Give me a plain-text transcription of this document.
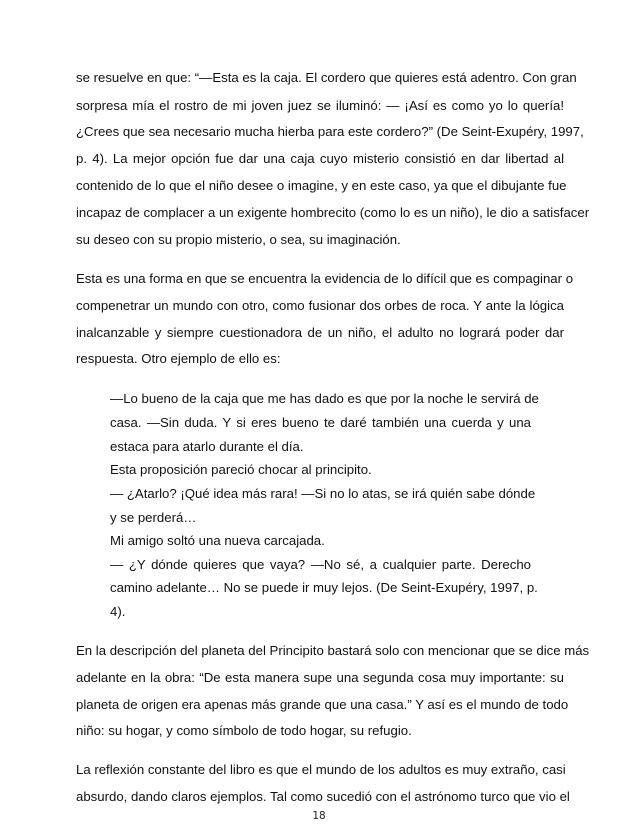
se resuelve en que: “—Esta es la caja. El cordero que quieres está adentro. Con gran

sorpresa mía el rostro de mi joven juez se iluminó: — ¡Así es como yo lo quería!

¿Crees que sea necesario mucha hierba para este cordero?” (De Seint-Exupéry, 1997,

p. 4). La mejor opción fue dar una caja cuyo misterio consistió en dar libertad al

contenido de lo que el niño desee o imagine, y en este caso, ya que el dibujante fue

incapaz de complacer a un exigente hombrecito (como lo es un niño), le dio a satisfacer

su deseo con su propio misterio, o sea, su imaginación.

Esta es una forma en que se encuentra la evidencia de lo difícil que es compaginar o

compenetrar un mundo con otro, como fusionar dos orbes de roca. Y ante la lógica

inalcanzable y siempre cuestionadora de un niño, el adulto no logrará poder dar

respuesta. Otro ejemplo de ello es:

—Lo bueno de la caja que me has dado es que por la noche le servirá de

casa. —Sin duda. Y si eres bueno te daré también una cuerda y una

estaca para atarlo durante el día.

Esta proposición pareció chocar al principito.

— ¿Atarlo? ¡Qué idea más rara! —Si no lo atas, se irá quién sabe dónde

y se perderá…

Mi amigo soltó una nueva carcajada.

— ¿Y dónde quieres que vaya? —No sé, a cualquier parte. Derecho

camino adelante… No se puede ir muy lejos. (De Seint-Exupéry, 1997, p.

4).

En la descripción del planeta del Principito bastará solo con mencionar que se dice más

adelante en la obra: “De esta manera supe una segunda cosa muy importante: su

planeta de origen era apenas más grande que una casa.” Y así es el mundo de todo

niño: su hogar, y como símbolo de todo hogar, su refugio.

La reflexión constante del libro es que el mundo de los adultos es muy extraño, casi

absurdo, dando claros ejemplos. Tal como sucedió con el astrónomo turco que vio el

18
